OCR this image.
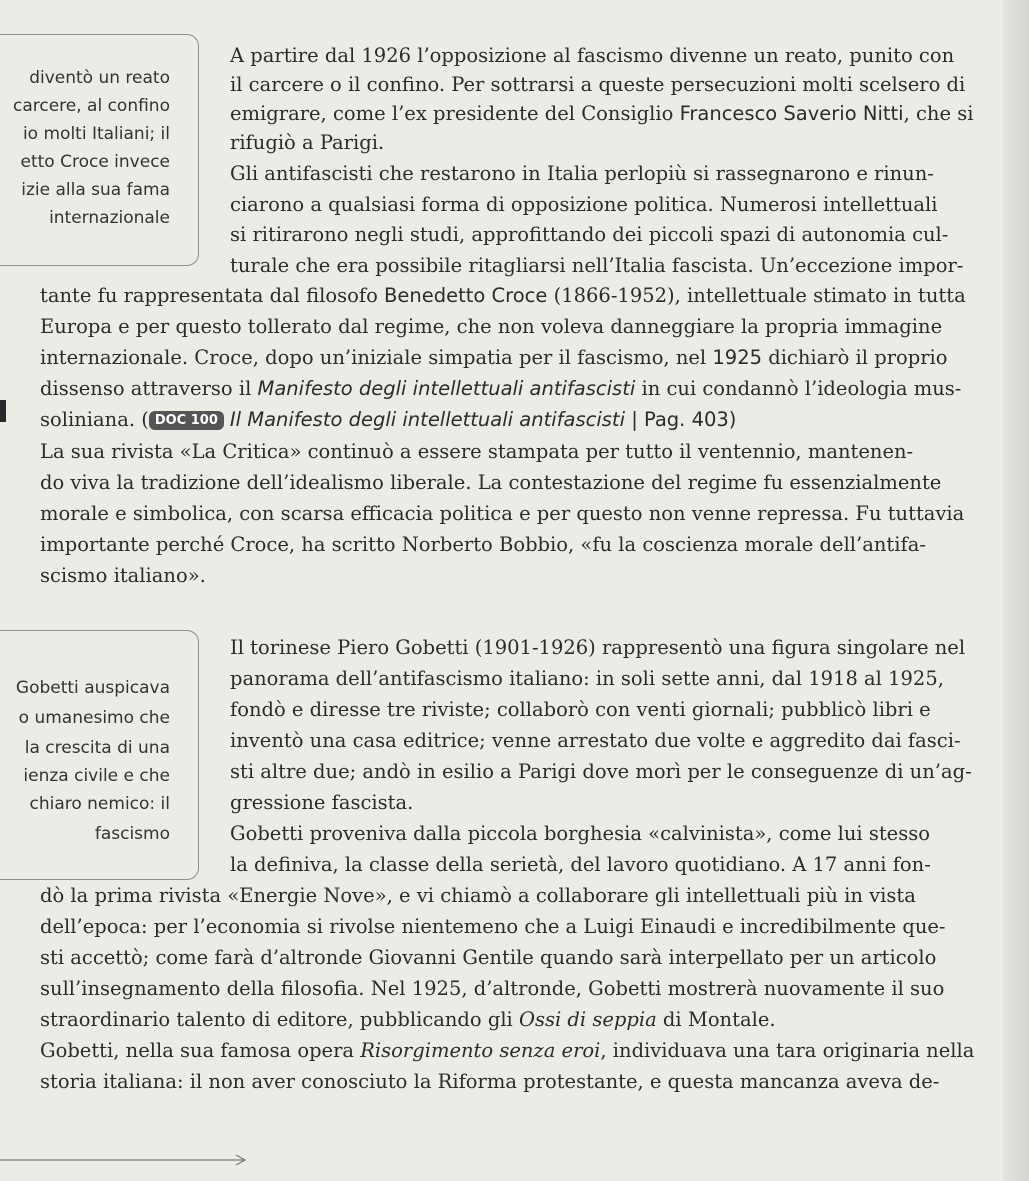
diventò un reato
carcere, al confino
io molti Italiani; il
etto Croce invece
izie alla sua fama
internazionale
Gobetti auspicava
o umanesimo che
la crescita di una
ienza civile e che
chiaro nemico: il
fascismo
A partire dal 1926 l’opposizione al fascismo divenne un reato, punito con
il carcere o il confino. Per sottrarsi a queste persecuzioni molti scelsero di
emigrare, come l’ex presidente del Consiglio Francesco Saverio Nitti, che si
rifugiò a Parigi.
Gli antifascisti che restarono in Italia perlopiù si rassegnarono e rinun-
ciarono a qualsiasi forma di opposizione politica. Numerosi intellettuali
si ritirarono negli studi, approfittando dei piccoli spazi di autonomia cul-
turale che era possibile ritagliarsi nell’Italia fascista. Un’eccezione impor-
tante fu rappresentata dal filosofo Benedetto Croce (1866-1952), intellettuale stimato in tutta
Europa e per questo tollerato dal regime, che non voleva danneggiare la propria immagine
internazionale. Croce, dopo un’iniziale simpatia per il fascismo, nel 1925 dichiarò il proprio
dissenso attraverso il Manifesto degli intellettuali antifascisti in cui condannò l’ideologia mus-
soliniana. ( DOC 100 Il Manifesto degli intellettuali antifascisti | Pag. 403)
La sua rivista «La Critica» continuò a essere stampata per tutto il ventennio, mantenen-
do viva la tradizione dell’idealismo liberale. La contestazione del regime fu essenzialmente
morale e simbolica, con scarsa efficacia politica e per questo non venne repressa. Fu tuttavia
importante perché Croce, ha scritto Norberto Bobbio, «fu la coscienza morale dell’antifa-
scismo italiano».
Il torinese Piero Gobetti (1901-1926) rappresentò una figura singolare nel
panorama dell’antifascismo italiano: in soli sette anni, dal 1918 al 1925,
fondò e diresse tre riviste; collaborò con venti giornali; pubblicò libri e
inventò una casa editrice; venne arrestato due volte e aggredito dai fasci-
sti altre due; andò in esilio a Parigi dove morì per le conseguenze di un’ag-
gressione fascista.
Gobetti proveniva dalla piccola borghesia «calvinista», come lui stesso
la definiva, la classe della serietà, del lavoro quotidiano. A 17 anni fon-
dò la prima rivista «Energie Nove», e vi chiamò a collaborare gli intellettuali più in vista
dell’epoca: per l’economia si rivolse nientemeno che a Luigi Einaudi e incredibilmente que-
sti accettò; come farà d’altronde Giovanni Gentile quando sarà interpellato per un articolo
sull’insegnamento della filosofia. Nel 1925, d’altronde, Gobetti mostrerà nuovamente il suo
straordinario talento di editore, pubblicando gli Ossi di seppia di Montale.
Gobetti, nella sua famosa opera Risorgimento senza eroi, individuava una tara originaria nella
storia italiana: il non aver conosciuto la Riforma protestante, e questa mancanza aveva de-
